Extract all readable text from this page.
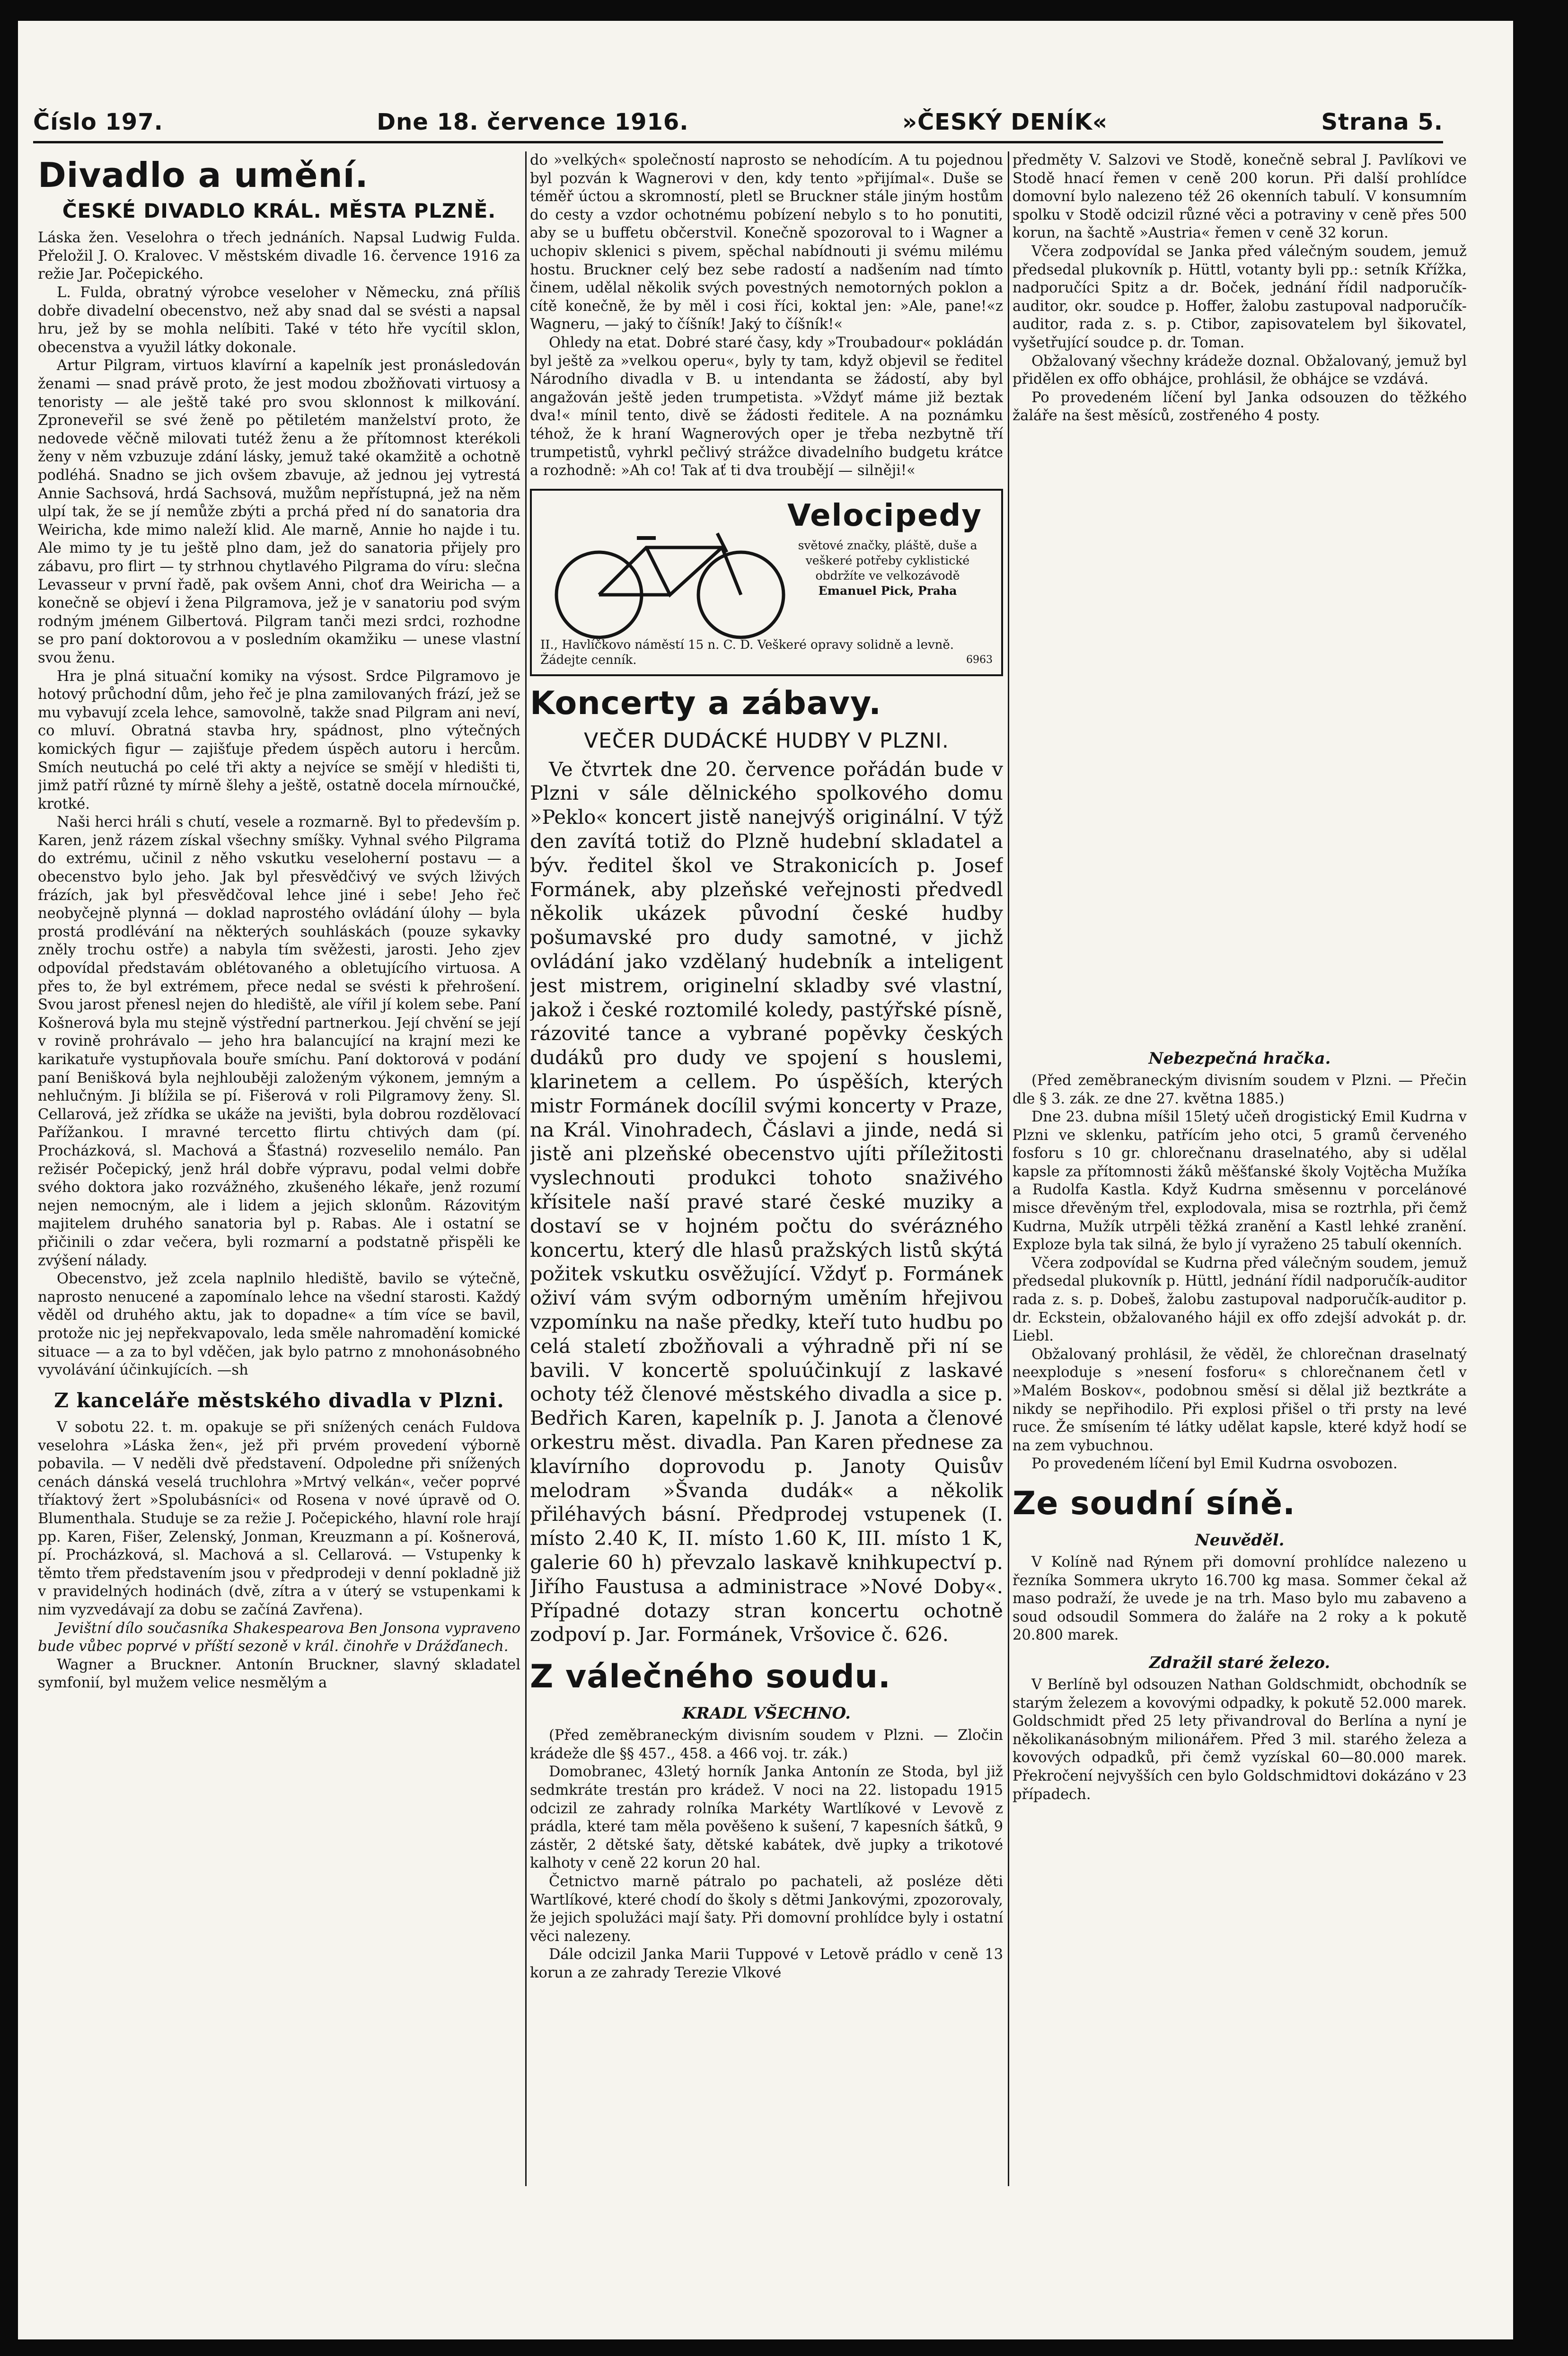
Číslo 197.	Dne 18. července 1916.	»ČESKÝ DENÍK«	Strana 5.
Divadlo a umění.
ČESKÉ DIVADLO KRÁL. MĚSTA PLZNĚ.

Láska žen. Veselohra o třech jednáních. Napsal Ludwig Fulda. Přeložil J. O. Kralovec. V městském divadle 16. července 1916 za režie Jar. Počepického.

L. Fulda, obratný výrobce veseloher v Německu, zná příliš dobře divadelní obecenstvo, než aby snad dal se svésti a napsal hru, jež by se mohla nelíbiti. Také v této hře vycítil sklon, obecenstva a využil látky dokonale.

Artur Pilgram, virtuos klavírní a kapelník jest pronásledován ženami — snad právě proto, že jest modou zbožňovati virtuosy a tenoristy — ale ještě také pro svou sklonnost k milkování. Zproneveřil se své ženě po pětiletém manželství proto, že nedovede věčně milovati tutéž ženu a že přítomnost kterékoli ženy v něm vzbuzuje zdání lásky, jemuž také okamžitě a ochotně podléhá. Snadno se jich ovšem zbavuje, až jednou jej vytrestá Annie Sachsová, hrdá Sachsová, mužům nepřístupná, jež na něm ulpí tak, že se jí nemůže zbýti a prchá před ní do sanatoria dra Weiricha, kde mimo naleží klid. Ale marně, Annie ho najde i tu. Ale mimo ty je tu ještě plno dam, jež do sanatoria přijely pro zábavu, pro flirt — ty strhnou chytlavého Pilgrama do víru: slečna Levasseur v první řadě, pak ovšem Anni, choť dra Weiricha — a konečně se objeví i žena Pilgramova, jež je v sanatoriu pod svým rodným jménem Gilbertová. Pilgram tanči mezi srdci, rozhodne se pro paní doktorovou a v posledním okamžiku — unese vlastní svou ženu.

Hra je plná situační komiky na výsost. Srdce Pilgramovo je hotový průchodní dům, jeho řeč je plna zamilovaných frází, jež se mu vybavují zcela lehce, samovolně, takže snad Pilgram ani neví, co mluví. Obratná stavba hry, spádnost, plno výtečných komických figur — zajišťuje předem úspěch autoru i hercům. Smích neutuchá po celé tři akty a nejvíce se smějí v hledišti ti, jimž patří různé ty mírně šlehy a ještě, ostatně docela mírnoučké, krotké.

Naši herci hráli s chutí, vesele a rozmarně. Byl to především p. Karen, jenž rázem získal všechny smíšky. Vyhnal svého Pilgrama do extrému, učinil z něho vskutku veseloherní postavu — a obecenstvo bylo jeho. Jak byl přesvědčivý ve svých lživých frázích, jak byl přesvědčoval lehce jiné i sebe! Jeho řeč neobyčejně plynná — doklad naprostého ovládání úlohy — byla prostá prodlévání na některých souhláskách (pouze sykavky zněly trochu ostře) a nabyla tím svěžesti, jarosti. Jeho zjev odpovídal představám oblétovaného a obletujícího virtuosa. A přes to, že byl extrémem, přece nedal se svésti k přehrošení. Svou jarost přenesl nejen do hlediště, ale vířil jí kolem sebe. Paní Košnerová byla mu stejně výstřední partnerkou. Její chvění se její v rovině prohrávalo — jeho hra balancující na krajní mezi ke karikatuře vystupňovala bouře smíchu. Paní doktorová v podání paní Benišková byla nejhlouběji založeným výkonem, jemným a nehlučným. Ji blížila se pí. Fišerová v roli Pilgramovy ženy. Sl. Cellarová, jež zřídka se ukáže na jevišti, byla dobrou rozdělovací Pařížankou. I mravné tercetto flirtu chtivých dam (pí. Procházková, sl. Machová a Šťastná) rozveselilo nemálo. Pan režisér Počepický, jenž hrál dobře výpravu, podal velmi dobře svého doktora jako rozvážného, zkušeného lékaře, jenž rozumí nejen nemocným, ale i lidem a jejich sklonům. Rázovitým majitelem druhého sanatoria byl p. Rabas. Ale i ostatní se přičinili o zdar večera, byli rozmarní a podstatně přispěli ke zvýšení nálady.

Obecenstvo, jež zcela naplnilo hlediště, bavilo se výtečně, naprosto nenucené a zapomínalo lehce na všední starosti. Každý věděl od druhého aktu, jak to dopadne« a tím více se bavil, protože nic jej nepřekvapovalo, leda směle nahromadění komické situace — a za to byl vděčen, jak bylo patrno z mnohonásobného vyvolávání účinkujících. —sh

Z kanceláře městského divadla v Plzni.

V sobotu 22. t. m. opakuje se při snížených cenách Fuldova veselohra »Láska žen«, jež při prvém provedení výborně pobavila. — V neděli dvě představení. Odpoledne při snížených cenách dánská veselá truchlohra »Mrtvý velkán«, večer poprvé tříaktový žert »Spolubásníci« od Rosena v nové úpravě od O. Blumenthala. Studuje se za režie J. Počepického, hlavní role hrají pp. Karen, Fišer, Zelenský, Jonman, Kreuzmann a pí. Košnerová, pí. Procházková, sl. Machová a sl. Cellarová. — Vstupenky k těmto třem představením jsou v předprodeji v denní pokladně již v pravidelných hodinách (dvě, zítra a v úterý se vstupenkami k nim vyzvedávají za dobu se začíná Zavřena).

Jevištní dílo současníka Shakespearova Ben Jonsona vypraveno bude vůbec poprvé v příští sezoně v král. činohře v Drážďanech.

Wagner a Bruckner. Antonín Bruckner, slavný skladatel symfonií, byl mužem velice nesmělým a

do »velkých« společností naprosto se nehodícím. A tu pojednou byl pozván k Wagnerovi v den, kdy tento »přijímal«. Duše se téměř úctou a skromností, pletl se Bruckner stále jiným hostům do cesty a vzdor ochotnému pobízení nebylo s to ho ponutiti, aby se u buffetu občerstvil. Konečně spozoroval to i Wagner a uchopiv sklenici s pivem, spěchal nabídnouti ji svému milému hostu. Bruckner celý bez sebe radostí a nadšením nad tímto činem, udělal několik svých povestných nemotorných poklon a cítě konečně, že by měl i cosi říci, koktal jen: »Ale, pane!«z Wagneru, — jaký to číšník! Jaký to číšník!«

Ohledy na etat. Dobré staré časy, kdy »Troubadour« pokládán byl ještě za »velkou operu«, byly ty tam, když objevil se ředitel Národního divadla v B. u intendanta se žádostí, aby byl angažován ještě jeden trumpetista. »Vždyť máme již beztak dva!« mínil tento, divě se žádosti ředitele. A na poznámku téhož, že k hraní Wagnerových oper je třeba nezbytně tří trumpetistů, vyhrkl pečlivý strážce divadelního budgetu krátce a rozhodně: »Ah co! Tak ať ti dva troubějí — silněji!«

Velocipedy
světové značky, pláště, duše a veškeré potřeby cyklistické obdržíte ve velkozávodě
Emanuel Pick, Praha
II., Havlíčkovo náměstí 15 n. C. D. Veškeré opravy solidně a levně. Žádejte cenník.	6963
Koncerty a zábavy.
VEČER DUDÁCKÉ HUDBY V PLZNI.

Ve čtvrtek dne 20. července pořádán bude v Plzni v sále dělnického spolkového domu »Peklo« koncert jistě nanejvýš originální. V týž den zavítá totiž do Plzně hudební skladatel a býv. ředitel škol ve Strakonicích p. Josef Formánek, aby plzeňské veřejnosti předvedl několik ukázek původní české hudby pošumavské pro dudy samotné, v jichž ovládání jako vzdělaný hudebník a inteligent jest mistrem, originelní skladby své vlastní, jakož i české roztomilé koledy, pastýřské písně, rázovité tance a vybrané popěvky českých dudáků pro dudy ve spojení s houslemi, klarinetem a cellem. Po úspěších, kterých mistr Formánek docílil svými koncerty v Praze, na Král. Vinohradech, Čáslavi a jinde, nedá si jistě ani plzeňské obecenstvo ujíti příležitosti vyslechnouti produkci tohoto snaživého křísitele naší pravé staré české muziky a dostaví se v hojném počtu do svérázného koncertu, který dle hlasů pražských listů skýtá požitek vskutku osvěžující. Vždyť p. Formánek oživí vám svým odborným uměním hřejivou vzpomínku na naše předky, kteří tuto hudbu po celá staletí zbožňovali a výhradně při ní se bavili. V koncertě spoluúčinkují z laskavé ochoty též členové městského divadla a sice p. Bedřich Karen, kapelník p. J. Janota a členové orkestru měst. divadla. Pan Karen přednese za klavírního doprovodu p. Janoty Quisův melodram »Švanda dudák« a několik přiléhavých básní. Předprodej vstupenek (I. místo 2.40 K, II. místo 1.60 K, III. místo 1 K, galerie 60 h) převzalo laskavě knihkupectví p. Jiřího Faustusa a administrace »Nové Doby«. Případné dotazy stran koncertu ochotně zodpoví p. Jar. Formánek, Vršovice č. 626.

Z válečného soudu.
KRADL VŠECHNO.

(Před zeměbraneckým divisním soudem v Plzni. — Zločin krádeže dle §§ 457., 458. a 466 voj. tr. zák.)

Domobranec, 43letý horník Janka Antonín ze Stoda, byl již sedmkráte trestán pro krádež. V noci na 22. listopadu 1915 odcizil ze zahrady rolníka Markéty Wartlíkové v Levově z prádla, které tam měla pověšeno k sušení, 7 kapesních šátků, 9 zástěr, 2 dětské šaty, dětské kabátek, dvě jupky a trikotové kalhoty v ceně 22 korun 20 hal.

Četnictvo marně pátralo po pachateli, až posléze děti Wartlíkové, které chodí do školy s dětmi Jankovými, zpozorovaly, že jejich spolužáci mají šaty. Při domovní prohlídce byly i ostatní věci nalezeny.

Dále odcizil Janka Marii Tuppové v Letově prádlo v ceně 13 korun a ze zahrady Terezie Vlkové

předměty V. Salzovi ve Stodě, konečně sebral J. Pavlíkovi ve Stodě hnací řemen v ceně 200 korun. Při další prohlídce domovní bylo nalezeno též 26 okenních tabulí. V konsumním spolku v Stodě odcizil různé věci a potraviny v ceně přes 500 korun, na šachtě »Austria« řemen v ceně 32 korun.

Včera zodpovídal se Janka před válečným soudem, jemuž předsedal plukovník p. Hüttl, votanty byli pp.: setník Křížka, nadporučíci Spitz a dr. Boček, jednání řídil nadporučík-auditor, okr. soudce p. Hoffer, žalobu zastupoval nadporučík-auditor, rada z. s. p. Ctibor, zapisovatelem byl šikovatel, vyšetřující soudce p. dr. Toman.

Obžalovaný všechny krádeže doznal. Obžalovaný, jemuž byl přidělen ex offo obhájce, prohlásil, že obhájce se vzdává.

Po provedeném líčení byl Janka odsouzen do těžkého žaláře na šest měsíců, zostřeného 4 posty.

Nebezpečná hračka.

(Před zeměbraneckým divisním soudem v Plzni. — Přečin dle § 3. zák. ze dne 27. května 1885.)

Dne 23. dubna míšil 15letý učeň drogistický Emil Kudrna v Plzni ve sklenku, patřícím jeho otci, 5 gramů červeného fosforu s 10 gr. chlorečnanu draselnatého, aby si udělal kapsle za přítomnosti žáků měšťanské školy Vojtěcha Mužíka a Rudolfa Kastla. Když Kudrna směsennu v porcelánové misce dřevěným třel, explodovala, misa se roztrhla, při čemž Kudrna, Mužík utrpěli těžká zranění a Kastl lehké zranění. Exploze byla tak silná, že bylo jí vyraženo 25 tabulí okenních.

Včera zodpovídal se Kudrna před válečným soudem, jemuž předsedal plukovník p. Hüttl, jednání řídil nadporučík-auditor rada z. s. p. Dobeš, žalobu zastupoval nadporučík-auditor p. dr. Eckstein, obžalovaného hájil ex offo zdejší advokát p. dr. Liebl.

Obžalovaný prohlásil, že věděl, že chlorečnan draselnatý neexploduje s »nesení fosforu« s chlorečnanem četl v »Malém Boskov«, podobnou směsí si dělal již beztkráte a nikdy se nepřihodilo. Při explosi přišel o tři prsty na levé ruce. Že smísením té látky udělat kapsle, které když hodí se na zem vybuchnou.

Po provedeném líčení byl Emil Kudrna osvobozen.

Ze soudní síně.
Neuvěděl.

V Kolíně nad Rýnem při domovní prohlídce nalezeno u řezníka Sommera ukryto 16.700 kg masa. Sommer čekal až maso podraží, že uvede je na trh. Maso bylo mu zabaveno a soud odsoudil Sommera do žaláře na 2 roky a k pokutě 20.800 marek.

Zdražil staré železo.

V Berlíně byl odsouzen Nathan Goldschmidt, obchodník se starým železem a kovovými odpadky, k pokutě 52.000 marek. Goldschmidt před 25 lety přivandroval do Berlína a nyní je několikanásobným milionářem. Před 3 mil. starého železa a kovových odpadků, při čemž vyzískal 60—80.000 marek. Překročení nejvyšších cen bylo Goldschmidtovi dokázáno v 23 případech.
